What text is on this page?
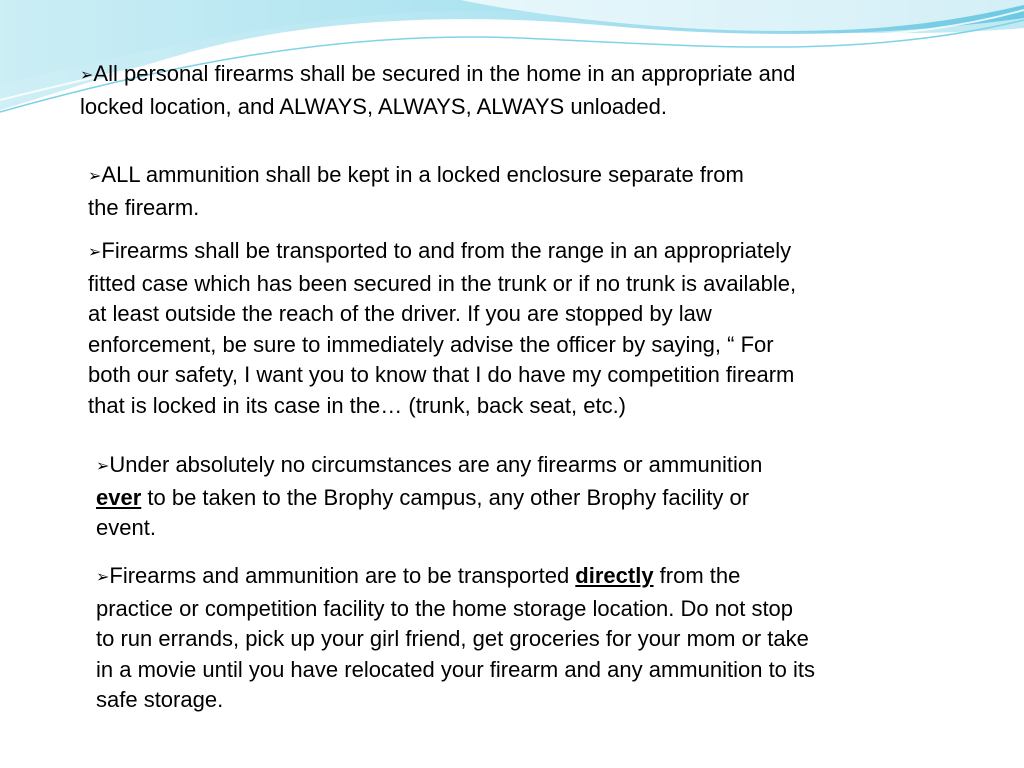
➢All personal firearms shall be secured in the home in an appropriate and
locked location, and ALWAYS, ALWAYS, ALWAYS unloaded.

➢ALL ammunition shall be kept in a locked enclosure separate from
the firearm.

➢Firearms shall be transported to and from the range in an appropriately
fitted case which has been secured in the trunk or if no trunk is available,
at least outside the reach of the driver. If you are stopped by law
enforcement, be sure to immediately advise the officer by saying, “ For
both our safety, I want you to know that I do have my competition firearm
that is locked in its case in the… (trunk, back seat, etc.)

➢Under absolutely no circumstances are any firearms or ammunition
ever to be taken to the Brophy campus, any other Brophy facility or
event.

➢Firearms and ammunition are to be transported directly from the
practice or competition facility to the home storage location. Do not stop
to run errands, pick up your girl friend, get groceries for your mom or take
in a movie until you have relocated your firearm and any ammunition to its
safe storage.
